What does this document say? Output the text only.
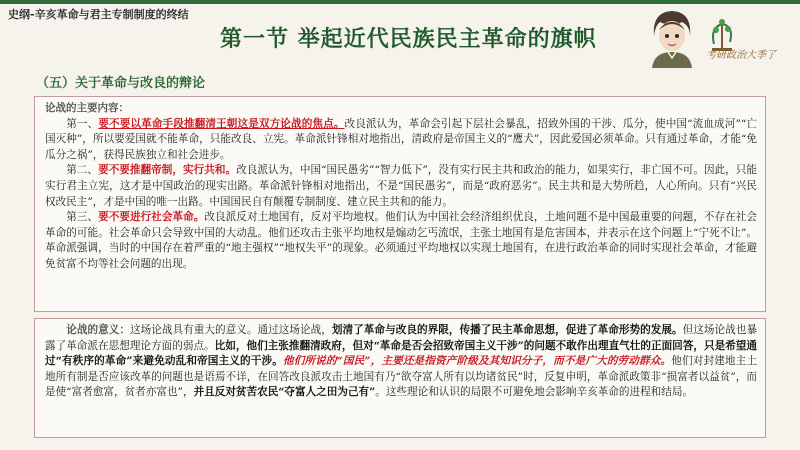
史纲-辛亥革命与君主专制制度的终结
第一节 举起近代民族民主革命的旗帜
考研政治大季了
（五）关于革命与改良的辩论
论战的主要内容：

第一、要不要以革命手段推翻清王朝这是双方论战的焦点。改良派认为，革命会引起下层社会暴乱，招致外国的干涉、瓜分，使中国“流血成河”“亡国灭种”，所以要爱国就不能革命，只能改良、立宪。革命派针锋相对地指出，清政府是帝国主义的“鹰犬”，因此爱国必须革命。只有通过革命，才能“免瓜分之祸”，获得民族独立和社会进步。

第二、要不要推翻帝制，实行共和。改良派认为，中国“国民愚劣”“智力低下”，没有实行民主共和政治的能力，如果实行，非亡国不可。因此，只能实行君主立宪，这才是中国政治的现实出路。革命派针锋相对地指出，不是“国民愚劣”，而是“政府恶劣”。民主共和是大势所趋，人心所向。只有“兴民权改民主”，才是中国的唯一出路。中国国民自有颠覆专制制度、建立民主共和的能力。

第三、要不要进行社会革命。改良派反对土地国有，反对平均地权。他们认为中国社会经济组织优良，土地问题不是中国最重要的问题，不存在社会革命的可能。社会革命只会导致中国的大动乱。他们还攻击主张平均地权是煽动乞丐流氓，主张土地国有是危害国本，并表示在这个问题上“宁死不让”。革命派强调，当时的中国存在着严重的“地主强权”“地权失平”的现象。必须通过平均地权以实现土地国有，在进行政治革命的同时实现社会革命，才能避免贫富不均等社会问题的出现。

论战的意义：这场论战具有重大的意义。通过这场论战，划清了革命与改良的界限，传播了民主革命思想，促进了革命形势的发展。但这场论战也暴露了革命派在思想理论方面的弱点。比如，他们主张推翻清政府，但对“革命是否会招致帝国主义干涉”的问题不敢作出理直气壮的正面回答，只是希望通过“有秩序的革命”来避免动乱和帝国主义的干涉。他们所说的“国民”，主要还是指资产阶级及其知识分子，而不是广大的劳动群众。他们对封建地主土地所有制是否应该改革的问题也是语焉不详，在回答改良派攻击土地国有乃“欲夺富人所有以均诸贫民”时，反复申明，革命派政策非“损富者以益贫”，而是使“富者愈富，贫者亦富也”，并且反对贫苦农民“夺富人之田为己有”。这些理论和认识的局限不可避免地会影响辛亥革命的进程和结局。
